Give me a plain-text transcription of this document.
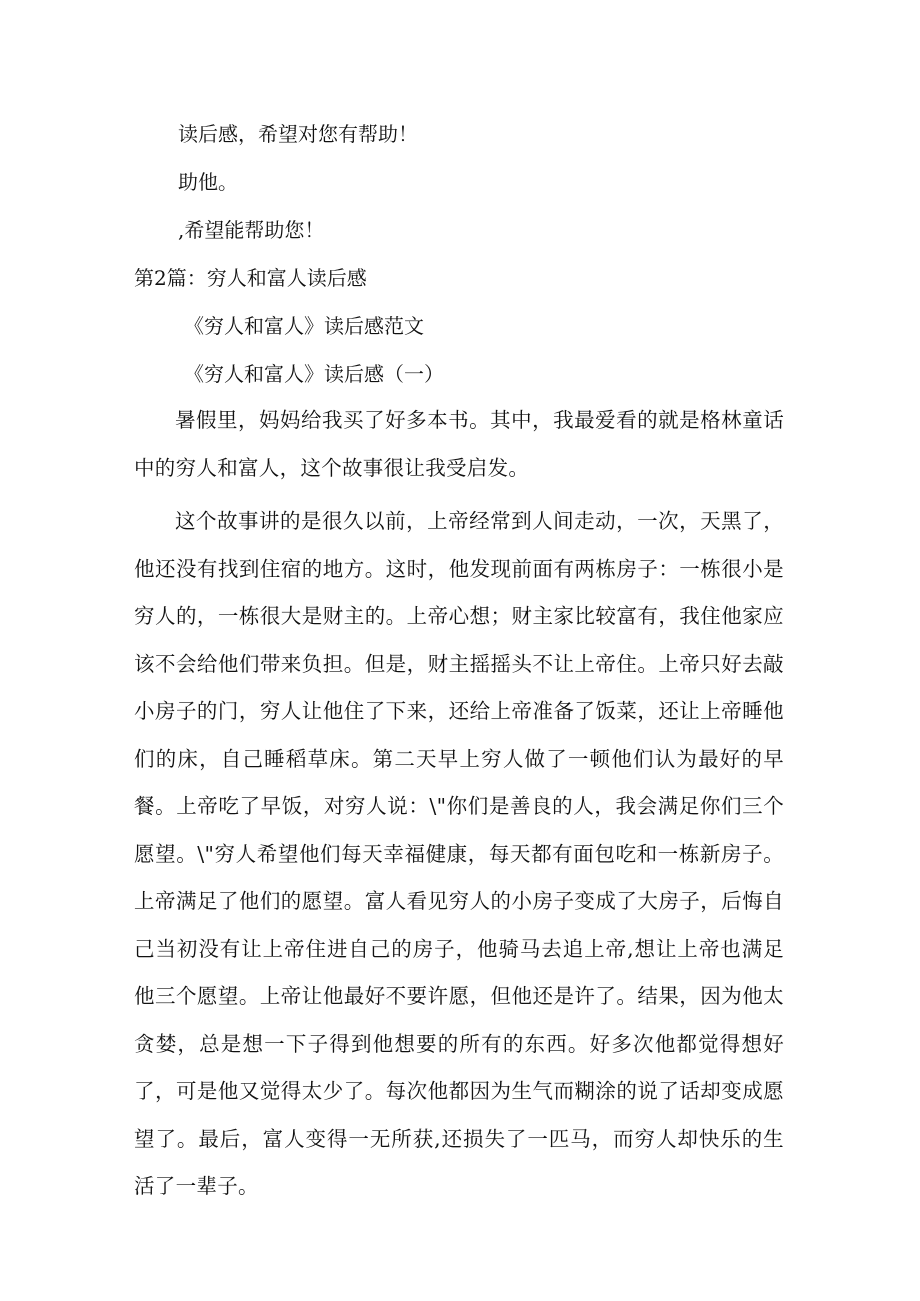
读后感，希望对您有帮助！

助他。

,希望能帮助您！

第2篇：穷人和富人读后感

《穷人和富人》读后感范文

《穷人和富人》读后感（一）

暑假里，妈妈给我买了好多本书。其中，我最爱看的就是格林童话中的穷人和富人，这个故事很让我受启发。

这个故事讲的是很久以前，上帝经常到人间走动，一次，天黑了，他还没有找到住宿的地方。这时，他发现前面有两栋房子：一栋很小是穷人的，一栋很大是财主的。上帝心想；财主家比较富有，我住他家应该不会给他们带来负担。但是，财主摇摇头不让上帝住。上帝只好去敲小房子的门，穷人让他住了下来，还给上帝准备了饭菜，还让上帝睡他们的床，自己睡稻草床。第二天早上穷人做了一顿他们认为最好的早餐。上帝吃了早饭，对穷人说：\"你们是善良的人，我会满足你们三个愿望。\"穷人希望他们每天幸福健康，每天都有面包吃和一栋新房子。上帝满足了他们的愿望。富人看见穷人的小房子变成了大房子，后悔自己当初没有让上帝住进自己的房子，他骑马去追上帝,想让上帝也满足他三个愿望。上帝让他最好不要许愿，但他还是许了。结果，因为他太贪婪，总是想一下子得到他想要的所有的东西。好多次他都觉得想好了，可是他又觉得太少了。每次他都因为生气而糊涂的说了话却变成愿望了。最后，富人变得一无所获,还损失了一匹马，而穷人却快乐的生活了一辈子。
